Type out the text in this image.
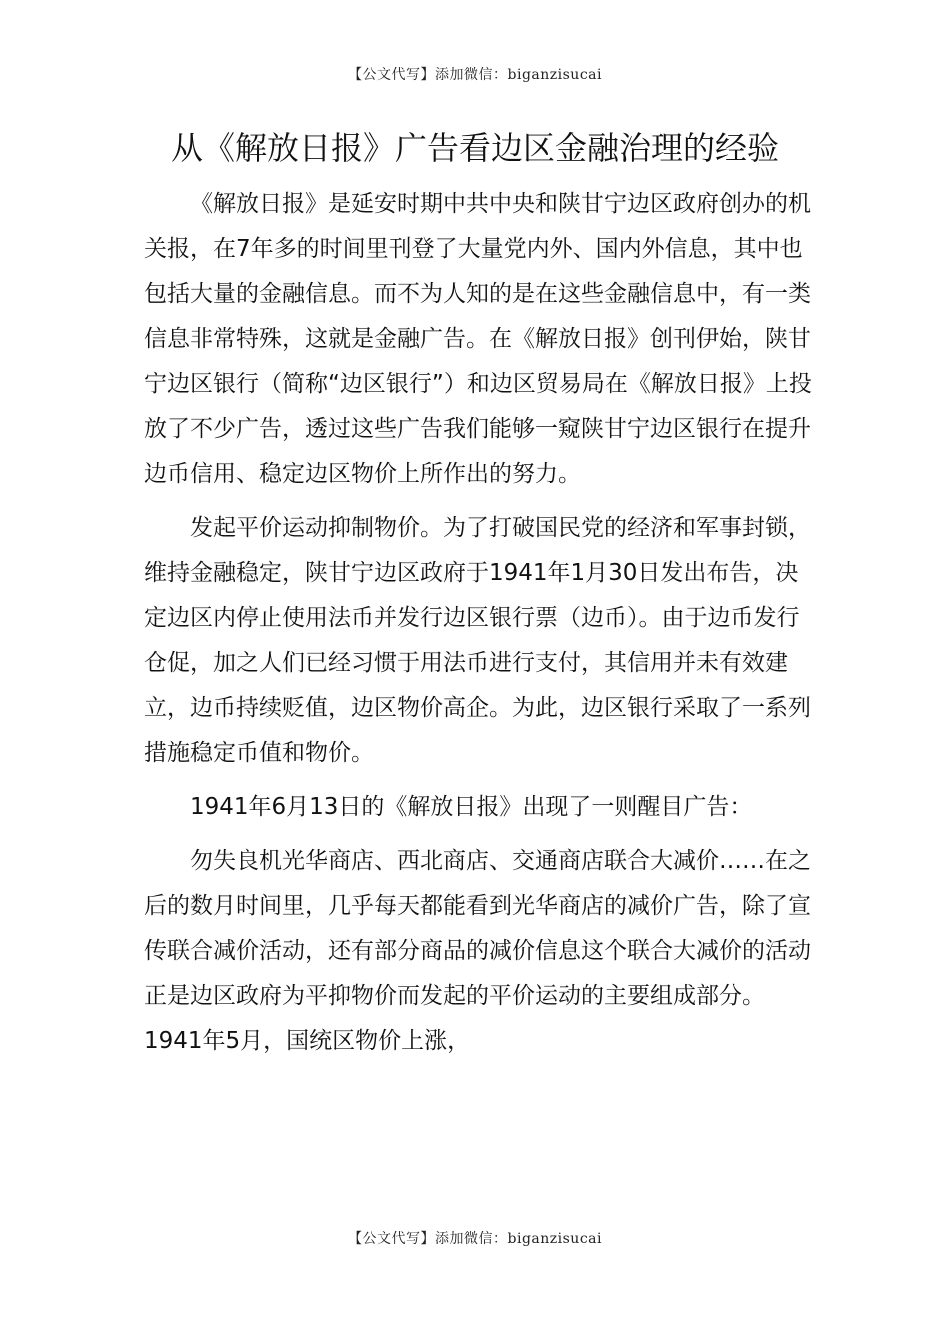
【公文代写】添加微信：biganzisucai
从《解放日报》广告看边区金融治理的经验

《解放日报》是延安时期中共中央和陕甘宁边区政府创办的机关报，在7年多的时间里刊登了大量党内外、国内外信息，其中也包括大量的金融信息。而不为人知的是在这些金融信息中，有一类信息非常特殊，这就是金融广告。在《解放日报》创刊伊始，陕甘宁边区银行（简称“边区银行”）和边区贸易局在《解放日报》上投放了不少广告，透过这些广告我们能够一窥陕甘宁边区银行在提升边币信用、稳定边区物价上所作出的努力。

发起平价运动抑制物价。为了打破国民党的经济和军事封锁，维持金融稳定，陕甘宁边区政府于1941年1月30日发出布告，决定边区内停止使用法币并发行边区银行票（边币）。由于边币发行仓促，加之人们已经习惯于用法币进行支付，其信用并未有效建立，边币持续贬值，边区物价高企。为此，边区银行采取了一系列措施稳定币值和物价。

1941年6月13日的《解放日报》出现了一则醒目广告：

勿失良机光华商店、西北商店、交通商店联合大减价……在之后的数月时间里，几乎每天都能看到光华商店的减价广告，除了宣传联合减价活动，还有部分商品的减价信息这个联合大减价的活动正是边区政府为平抑物价而发起的平价运动的主要组成部分。1941年5月，国统区物价上涨，

【公文代写】添加微信：biganzisucai
